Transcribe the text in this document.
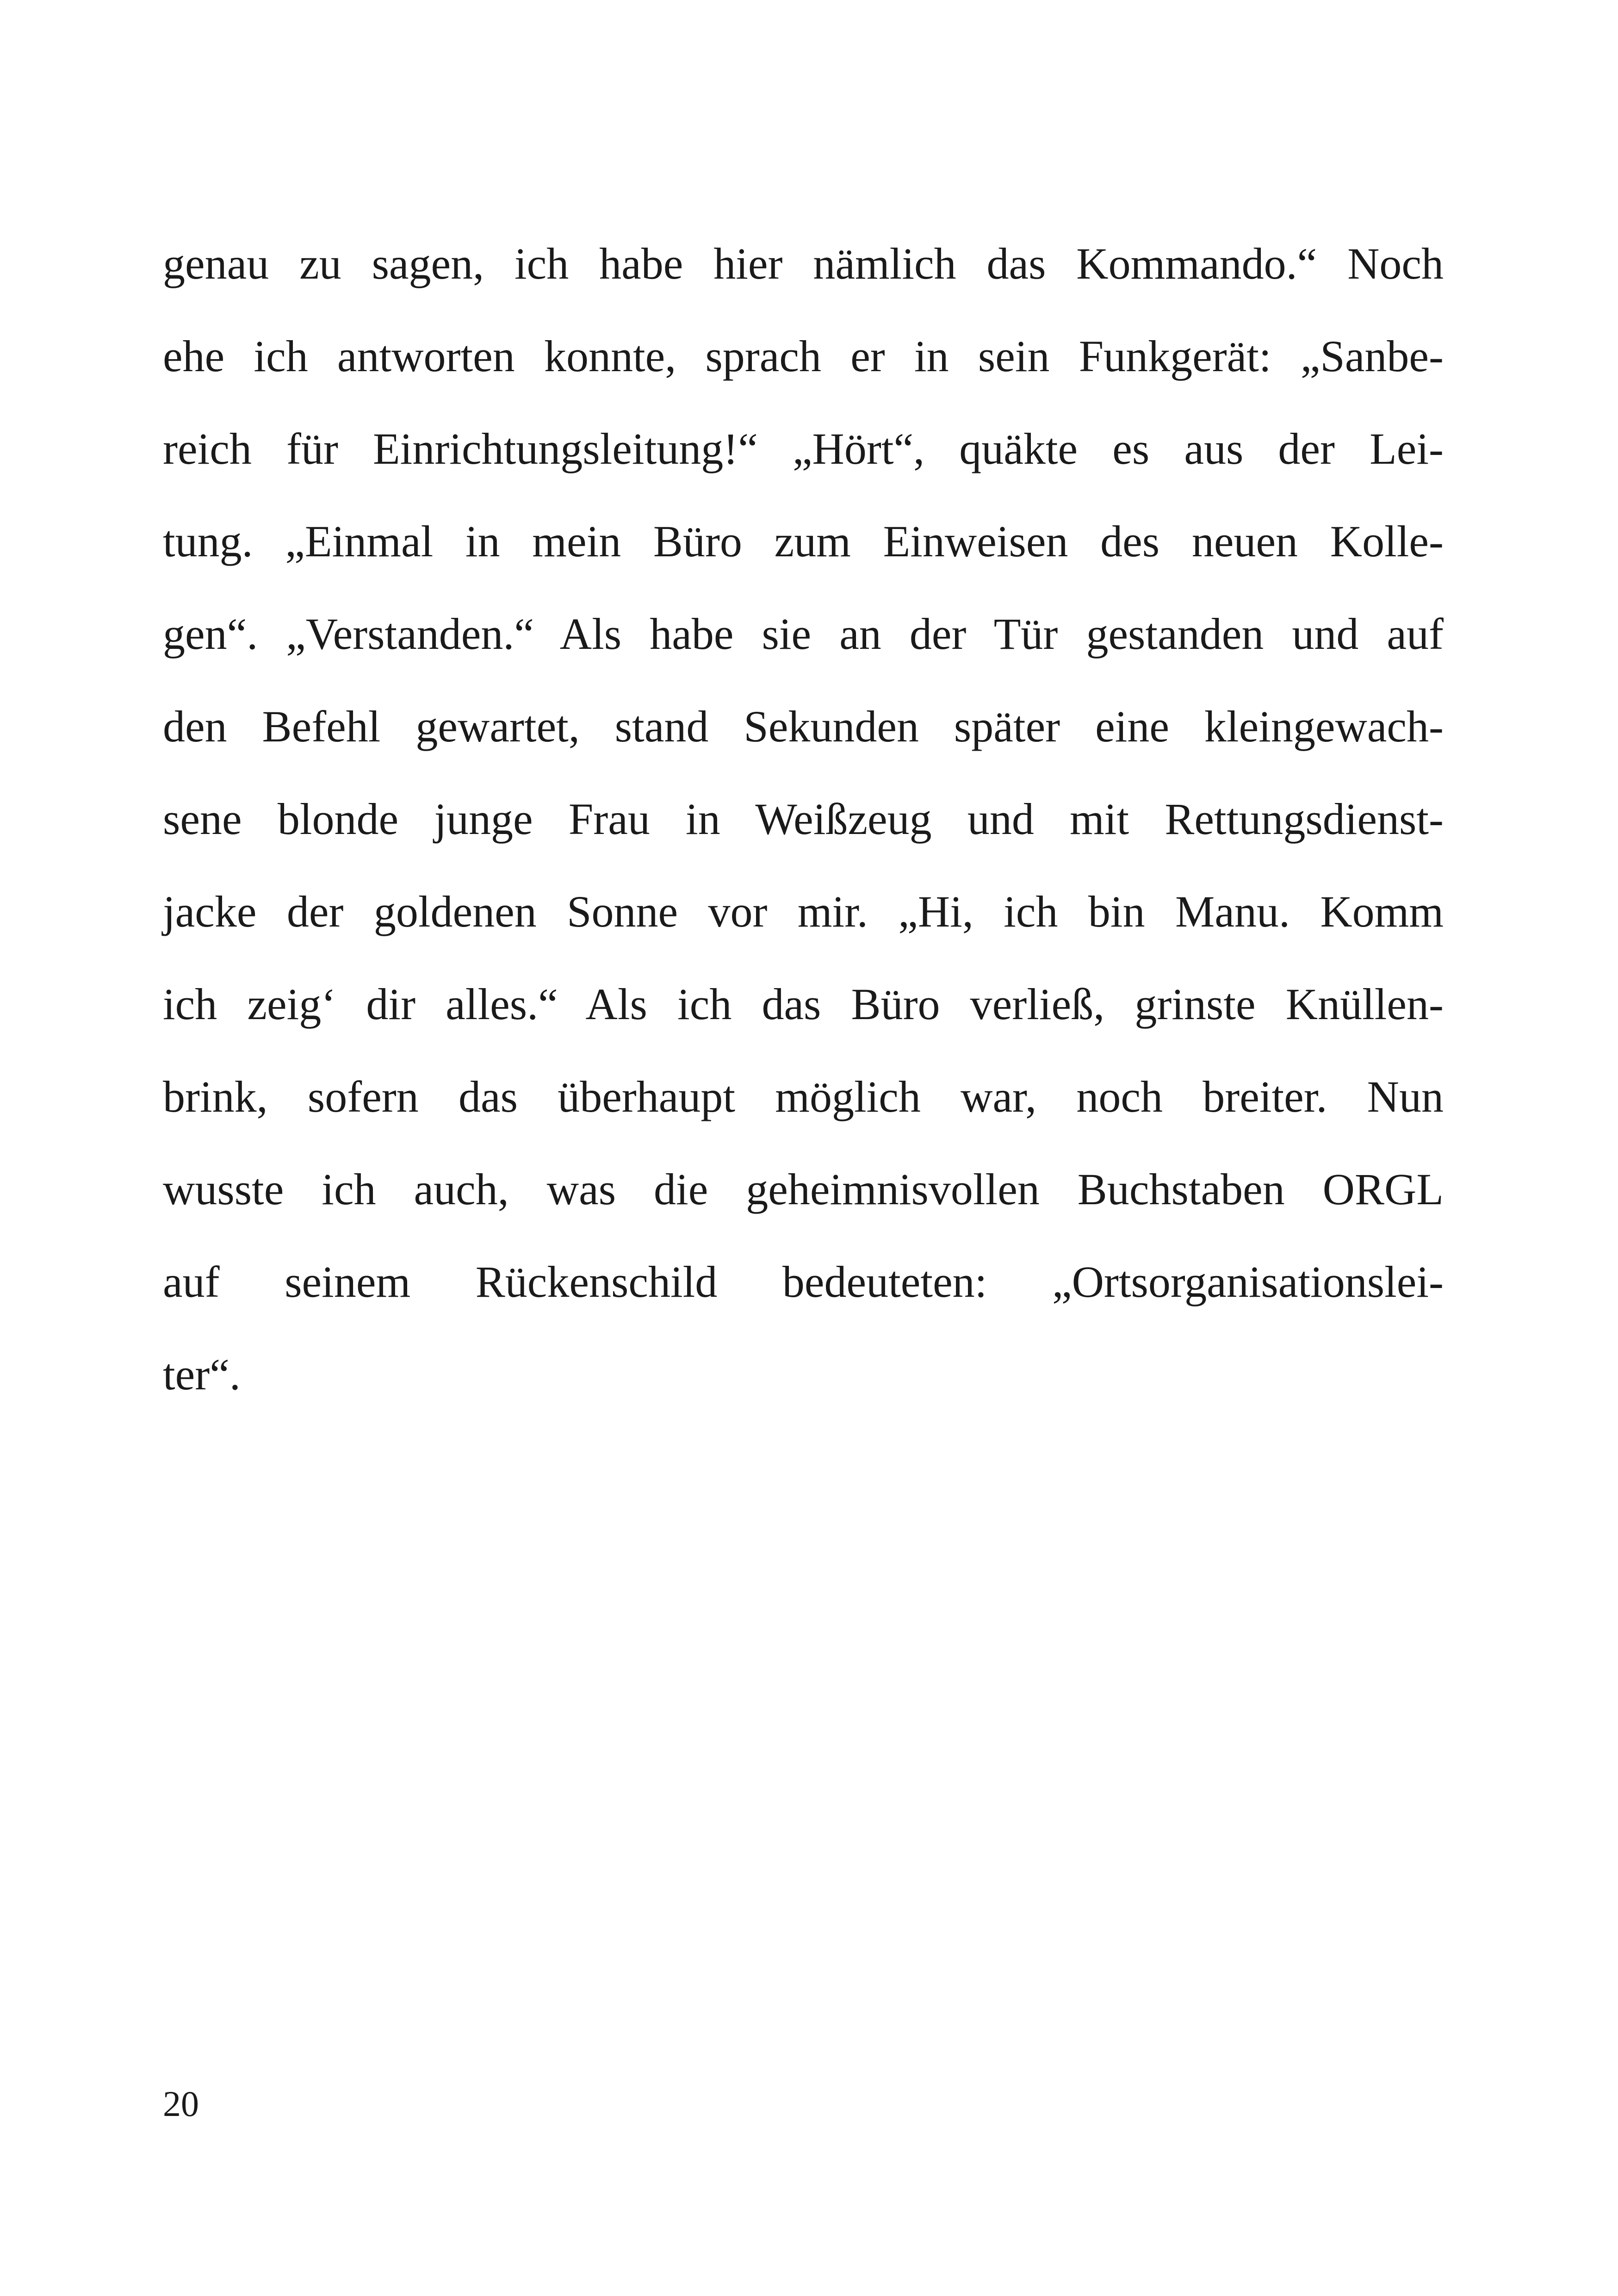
genau zu sagen, ich habe hier nämlich das Kommando.“ Noch
ehe ich antworten konnte, sprach er in sein Funkgerät: „Sanbe-
reich für Einrichtungsleitung!“ „Hört“, quäkte es aus der Lei-
tung. „Einmal in mein Büro zum Einweisen des neuen Kolle-
gen“. „Verstanden.“ Als habe sie an der Tür gestanden und auf
den Befehl gewartet, stand Sekunden später eine kleingewach-
sene blonde junge Frau in Weißzeug und mit Rettungsdienst-
jacke der goldenen Sonne vor mir. „Hi, ich bin Manu. Komm
ich zeig‘ dir alles.“ Als ich das Büro verließ, grinste Knüllen-
brink, sofern das überhaupt möglich war, noch breiter. Nun
wusste ich auch, was die geheimnisvollen Buchstaben ORGL
auf seinem Rückenschild bedeuteten: „Ortsorganisationslei-
ter“.
20
